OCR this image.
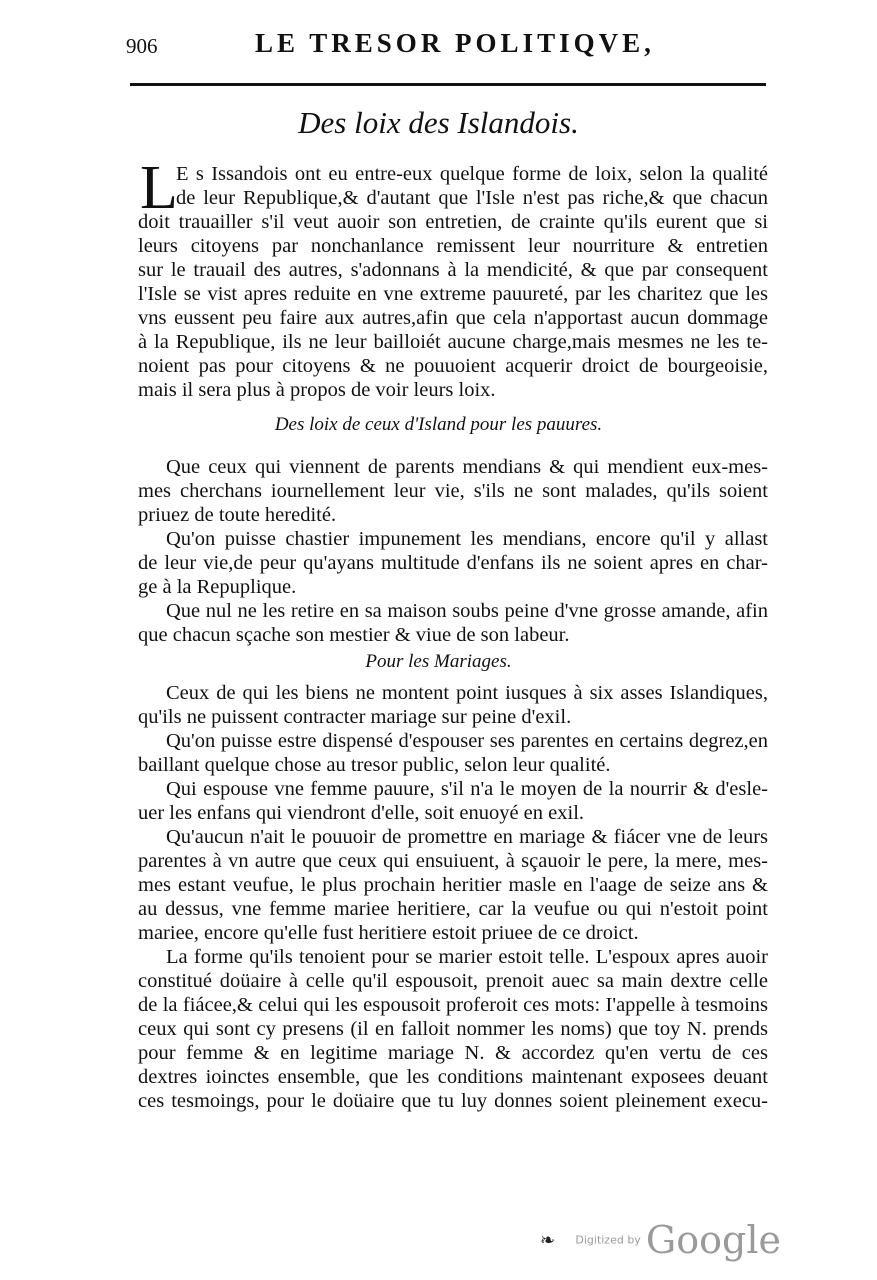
906	LE TRESOR POLITIQVE,
Des loix des Islandois.
L
E s Issandois ont eu entre-eux quelque forme de loix, selon la qualité
de leur Republique,& d'autant que l'Isle n'est pas riche,& que chacun
doit trauailler s'il veut auoir son entretien, de crainte qu'ils eurent que si
leurs citoyens par nonchanlance remissent leur nourriture & entretien
sur le trauail des autres, s'adonnans à la mendicité, & que par consequent
l'Isle se vist apres reduite en vne extreme pauureté, par les charitez que les
vns eussent peu faire aux autres,afin que cela n'apportast aucun dommage
à la Republique, ils ne leur bailloiét aucune charge,mais mesmes ne les te-
noient pas pour citoyens & ne pouuoient acquerir droict de bourgeoisie,
mais il sera plus à propos de voir leurs loix.
Des loix de ceux d'Island pour les pauures.
Que ceux qui viennent de parents mendians & qui mendient eux-mes-
mes cherchans iournellement leur vie, s'ils ne sont malades, qu'ils soient
priuez de toute heredité.
Qu'on puisse chastier impunement les mendians, encore qu'il y allast
de leur vie,de peur qu'ayans multitude d'enfans ils ne soient apres en char-
ge à la Repuplique.
Que nul ne les retire en sa maison soubs peine d'vne grosse amande, afin
que chacun sçache son mestier & viue de son labeur.
Pour les Mariages.
Ceux de qui les biens ne montent point iusques à six asses Islandiques,
qu'ils ne puissent contracter mariage sur peine d'exil.
Qu'on puisse estre dispensé d'espouser ses parentes en certains degrez,en
baillant quelque chose au tresor public, selon leur qualité.
Qui espouse vne femme pauure, s'il n'a le moyen de la nourrir & d'esle-
uer les enfans qui viendront d'elle, soit enuoyé en exil.
Qu'aucun n'ait le pouuoir de promettre en mariage & fiácer vne de leurs
parentes à vn autre que ceux qui ensuiuent, à sçauoir le pere, la mere, mes-
mes estant veufue, le plus prochain heritier masle en l'aage de seize ans &
au dessus, vne femme mariee heritiere, car la veufue ou qui n'estoit point
mariee, encore qu'elle fust heritiere estoit priuee de ce droict.
La forme qu'ils tenoient pour se marier estoit telle. L'espoux apres auoir
constitué doüaire à celle qu'il espousoit, prenoit auec sa main dextre celle
de la fiácee,& celui qui les espousoit proferoit ces mots: I'appelle à tesmoins
ceux qui sont cy presens (il en falloit nommer les noms) que toy N. prends
pour femme & en legitime mariage N. & accordez qu'en vertu de ces
dextres ioinctes ensemble, que les conditions maintenant exposees deuant
ces tesmoings, pour le doüaire que tu luy donnes soient pleinement execu-
❧ Digitized by Google
